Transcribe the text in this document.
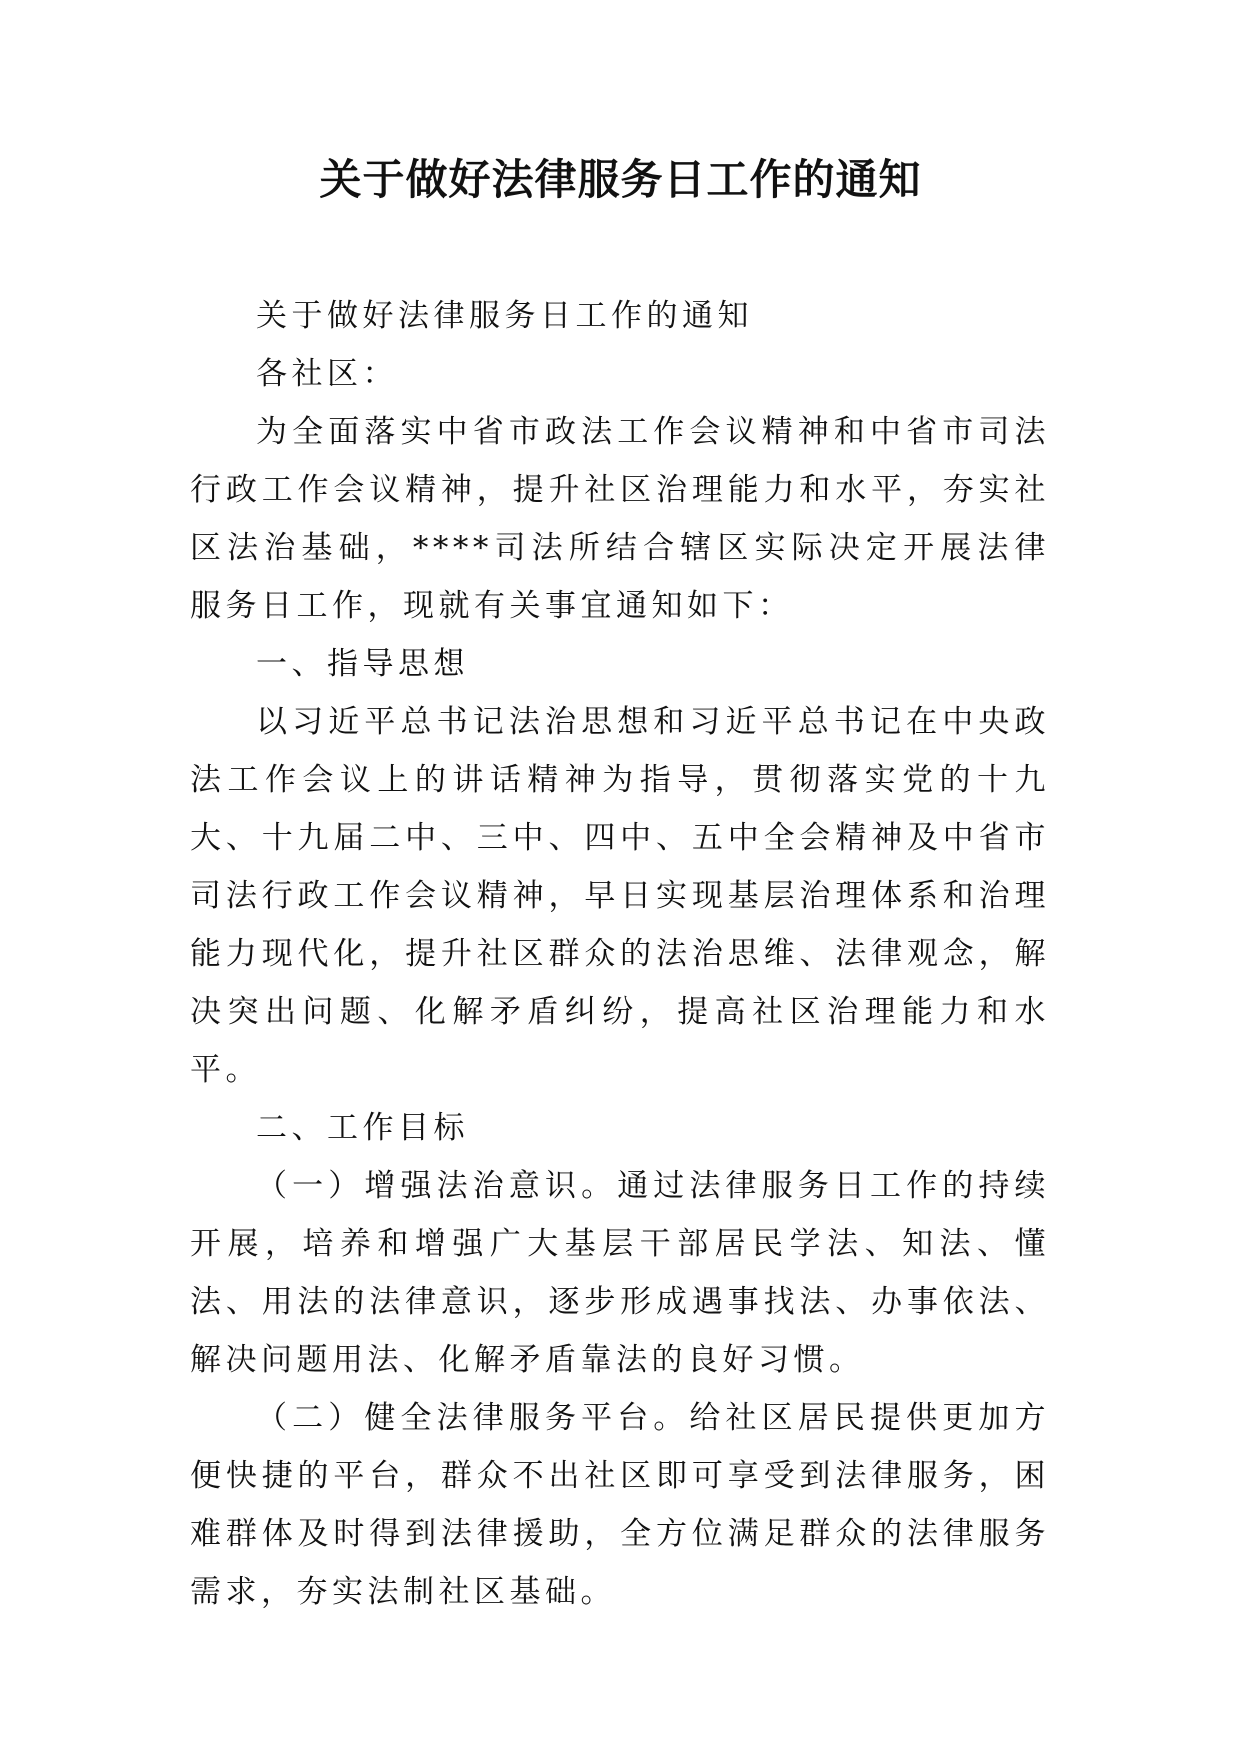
关于做好法律服务日工作的通知

关于做好法律服务日工作的通知

各社区：

为全面落实中省市政法工作会议精神和中省市司法行政工作会议精神，提升社区治理能力和水平，夯实社区法治基础，****司法所结合辖区实际决定开展法律服务日工作，现就有关事宜通知如下：

一、指导思想

以习近平总书记法治思想和习近平总书记在中央政法工作会议上的讲话精神为指导，贯彻落实党的十九大、十九届二中、三中、四中、五中全会精神及中省市司法行政工作会议精神，早日实现基层治理体系和治理能力现代化，提升社区群众的法治思维、法律观念，解决突出问题、化解矛盾纠纷，提高社区治理能力和水平。

二、工作目标

（一）增强法治意识。通过法律服务日工作的持续开展，培养和增强广大基层干部居民学法、知法、懂法、用法的法律意识，逐步形成遇事找法、办事依法、解决问题用法、化解矛盾靠法的良好习惯。

（二）健全法律服务平台。给社区居民提供更加方便快捷的平台，群众不出社区即可享受到法律服务，困难群体及时得到法律援助，全方位满足群众的法律服务需求，夯实法制社区基础。
